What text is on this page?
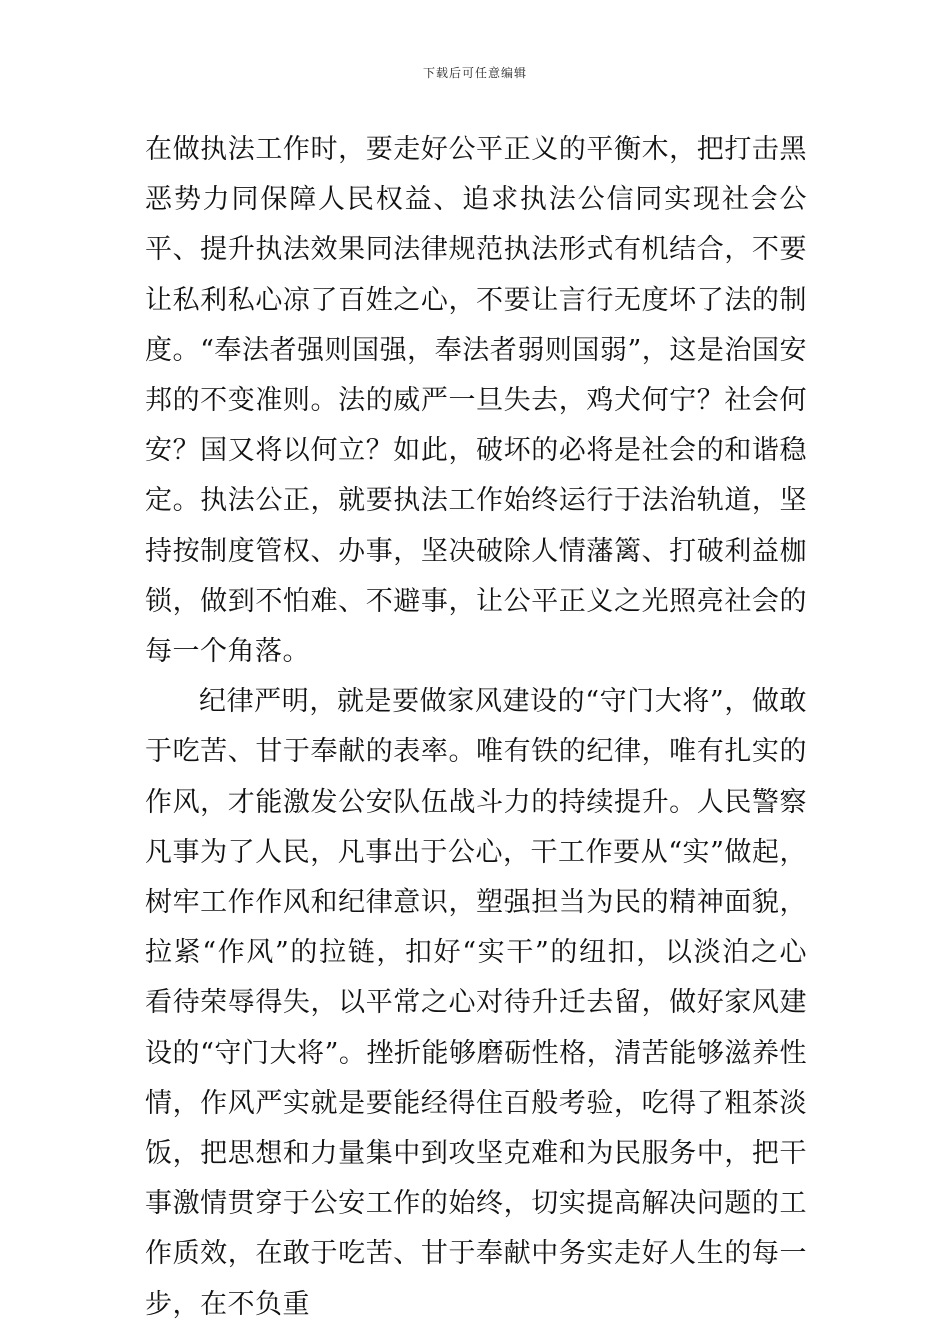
下载后可任意编辑

在做执法工作时，要走好公平正义的平衡木，把打击黑恶势力同保障人民权益、追求执法公信同实现社会公平、提升执法效果同法律规范执法形式有机结合，不要让私利私心凉了百姓之心，不要让言行无度坏了法的制度。“奉法者强则国强，奉法者弱则国弱”，这是治国安邦的不变准则。法的威严一旦失去，鸡犬何宁？社会何安？国又将以何立？如此，破坏的必将是社会的和谐稳定。执法公正，就要执法工作始终运行于法治轨道，坚持按制度管权、办事，坚决破除人情藩篱、打破利益枷锁，做到不怕难、不避事，让公平正义之光照亮社会的每一个角落。

纪律严明，就是要做家风建设的“守门大将”，做敢于吃苦、甘于奉献的表率。唯有铁的纪律，唯有扎实的作风，才能激发公安队伍战斗力的持续提升。人民警察凡事为了人民，凡事出于公心，干工作要从“实”做起，树牢工作作风和纪律意识，塑强担当为民的精神面貌，拉紧“作风”的拉链，扣好“实干”的纽扣，以淡泊之心看待荣辱得失，以平常之心对待升迁去留，做好家风建设的“守门大将”。挫折能够磨砺性格，清苦能够滋养性情，作风严实就是要能经得住百般考验，吃得了粗茶淡饭，把思想和力量集中到攻坚克难和为民服务中，把干事激情贯穿于公安工作的始终，切实提高解决问题的工作质效，在敢于吃苦、甘于奉献中务实走好人生的每一步，在不负重
